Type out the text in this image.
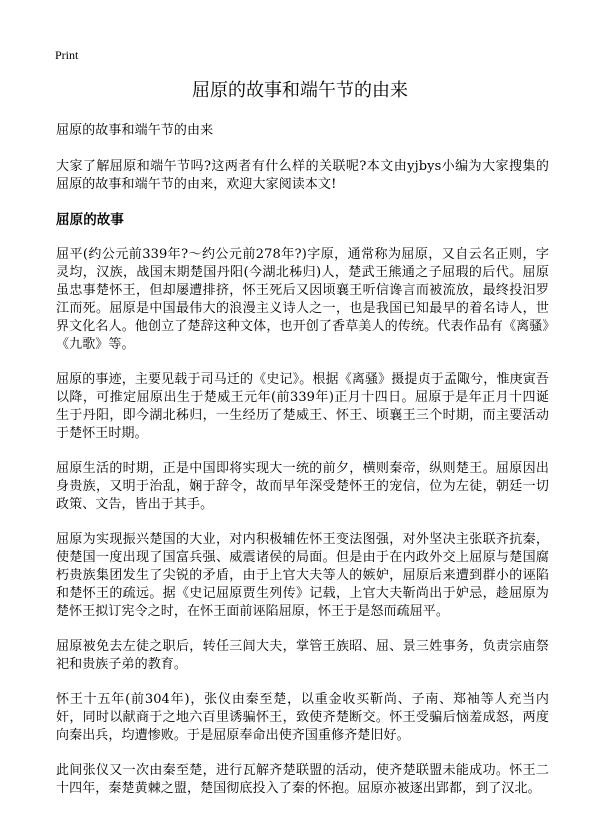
Print
屈原的故事和端午节的由来

屈原的故事和端午节的由来

大家了解屈原和端午节吗?这两者有什么样的关联呢?本文由yjbys小编为大家搜集的屈原的故事和端午节的由来，欢迎大家阅读本文!

屈原的故事

屈平(约公元前339年?～约公元前278年?)字原，通常称为屈原，又自云名正则，字灵均，汉族，战国末期楚国丹阳(今湖北秭归)人，楚武王熊通之子屈瑕的后代。屈原虽忠事楚怀王，但却屡遭排挤，怀王死后又因顷襄王听信谗言而被流放，最终投汨罗江而死。屈原是中国最伟大的浪漫主义诗人之一，也是我国已知最早的着名诗人，世界文化名人。他创立了楚辞这种文体，也开创了香草美人的传统。代表作品有《离骚》《九歌》等。

屈原的事迹，主要见载于司马迁的《史记》。根据《离骚》摄提贞于孟陬兮，惟庚寅吾以降，可推定屈原出生于楚威王元年(前339年)正月十四日。屈原于是年正月十四诞生于丹阳，即今湖北秭归，一生经历了楚威王、怀王、顷襄王三个时期，而主要活动于楚怀王时期。

屈原生活的时期，正是中国即将实现大一统的前夕，横则秦帝，纵则楚王。屈原因出身贵族，又明于治乱，娴于辞令，故而早年深受楚怀王的宠信，位为左徒，朝廷一切政策、文告，皆出于其手。

屈原为实现振兴楚国的大业，对内积极辅佐怀王变法图强，对外坚决主张联齐抗秦，使楚国一度出现了国富兵强、威震诸侯的局面。但是由于在内政外交上屈原与楚国腐朽贵族集团发生了尖锐的矛盾，由于上官大夫等人的嫉妒，屈原后来遭到群小的诬陷和楚怀王的疏远。据《史记屈原贾生列传》记载，上官大夫靳尚出于妒忌，趁屈原为楚怀王拟订宪令之时，在怀王面前诬陷屈原，怀王于是怒而疏屈平。

屈原被免去左徒之职后，转任三闾大夫，掌管王族昭、屈、景三姓事务，负责宗庙祭祀和贵族子弟的教育。

怀王十五年(前304年)，张仪由秦至楚，以重金收买靳尚、子南、郑袖等人充当内奸，同时以献商于之地六百里诱骗怀王，致使齐楚断交。怀王受骗后恼羞成怒，两度向秦出兵，均遭惨败。于是屈原奉命出使齐国重修齐楚旧好。

此间张仪又一次由秦至楚，进行瓦解齐楚联盟的活动，使齐楚联盟未能成功。怀王二十四年，秦楚黄棘之盟，楚国彻底投入了秦的怀抱。屈原亦被逐出郢都，到了汉北。
